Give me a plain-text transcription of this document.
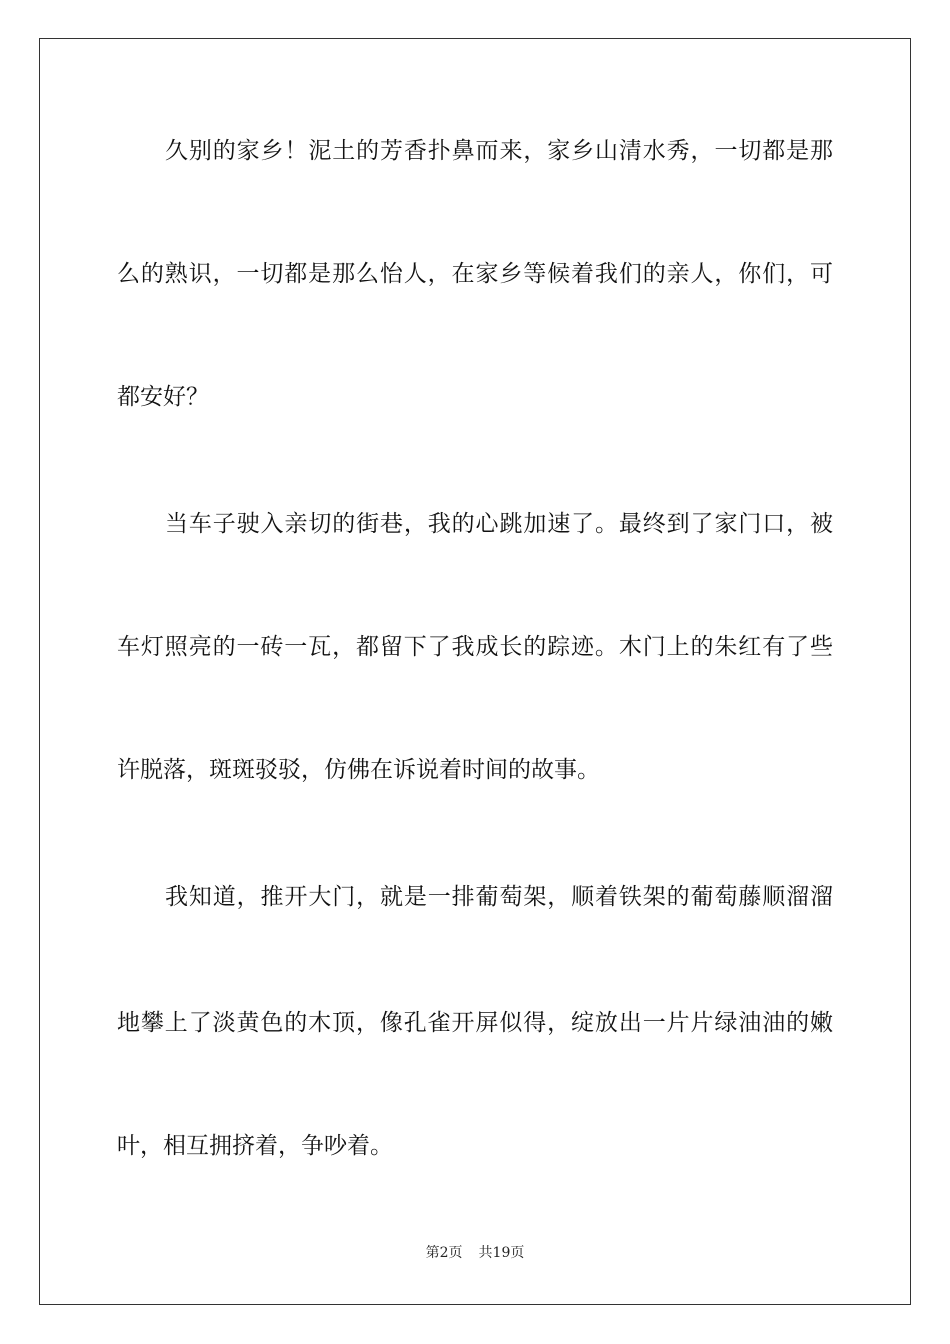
久别的家乡！泥土的芳香扑鼻而来，家乡山清水秀，一切都是那
么的熟识，一切都是那么怡人，在家乡等候着我们的亲人，你们，可
都安好？
当车子驶入亲切的街巷，我的心跳加速了。最终到了家门口，被
车灯照亮的一砖一瓦，都留下了我成长的踪迹。木门上的朱红有了些
许脱落，斑斑驳驳，仿佛在诉说着时间的故事。
我知道，推开大门，就是一排葡萄架，顺着铁架的葡萄藤顺溜溜
地攀上了淡黄色的木顶，像孔雀开屏似得，绽放出一片片绿油油的嫩
叶，相互拥挤着，争吵着。
第2页 共19页
